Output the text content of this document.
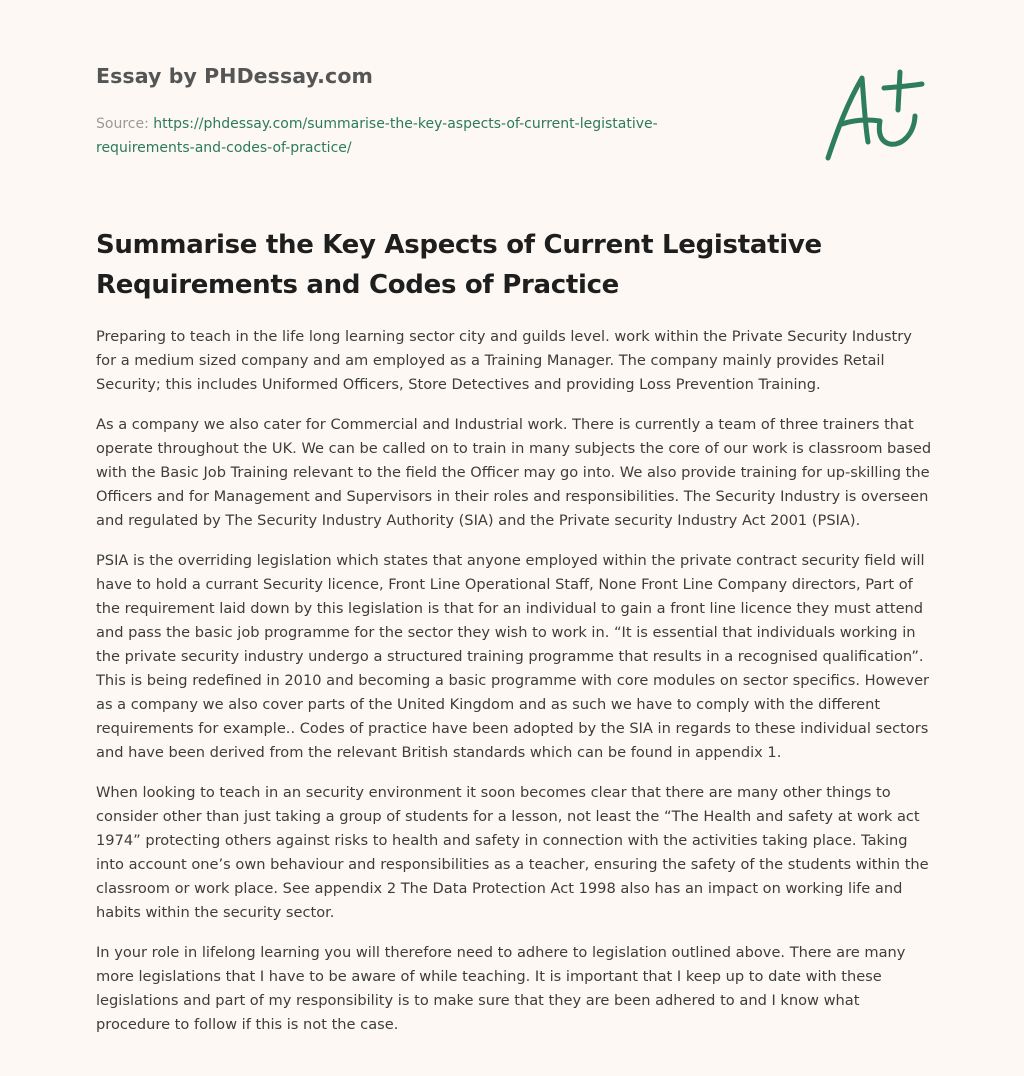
Essay by PHDessay.com
Source: https://phdessay.com/summarise-the-key-aspects-of-current-legistative-requirements-and-codes-of-practice/
Summarise the Key Aspects of Current Legistative Requirements and Codes of Practice

Preparing to teach in the life long learning sector city and guilds level. work within the Private Security Industry for a medium sized company and am employed as a Training Manager. The company mainly provides Retail Security; this includes Uniformed Officers, Store Detectives and providing Loss Prevention Training.

As a company we also cater for Commercial and Industrial work. There is currently a team of three trainers that operate throughout the UK. We can be called on to train in many subjects the core of our work is classroom based with the Basic Job Training relevant to the field the Officer may go into. We also provide training for up-skilling the Officers and for Management and Supervisors in their roles and responsibilities. The Security Industry is overseen and regulated by The Security Industry Authority (SIA) and the Private security Industry Act 2001 (PSIA).

PSIA is the overriding legislation which states that anyone employed within the private contract security field will have to hold a currant Security licence, Front Line Operational Staff, None Front Line Company directors, Part of the requirement laid down by this legislation is that for an individual to gain a front line licence they must attend and pass the basic job programme for the sector they wish to work in. “It is essential that individuals working in the private security industry undergo a structured training programme that results in a recognised qualification”. This is being redefined in 2010 and becoming a basic programme with core modules on sector specifics. However as a company we also cover parts of the United Kingdom and as such we have to comply with the different requirements for example.. Codes of practice have been adopted by the SIA in regards to these individual sectors and have been derived from the relevant British standards which can be found in appendix 1.

When looking to teach in an security environment it soon becomes clear that there are many other things to consider other than just taking a group of students for a lesson, not least the “The Health and safety at work act 1974” protecting others against risks to health and safety in connection with the activities taking place. Taking into account one’s own behaviour and responsibilities as a teacher, ensuring the safety of the students within the classroom or work place. See appendix 2 The Data Protection Act 1998 also has an impact on working life and habits within the security sector.

In your role in lifelong learning you will therefore need to adhere to legislation outlined above. There are many more legislations that I have to be aware of while teaching. It is important that I keep up to date with these legislations and part of my responsibility is to make sure that they are been adhered to and I know what procedure to follow if this is not the case.
